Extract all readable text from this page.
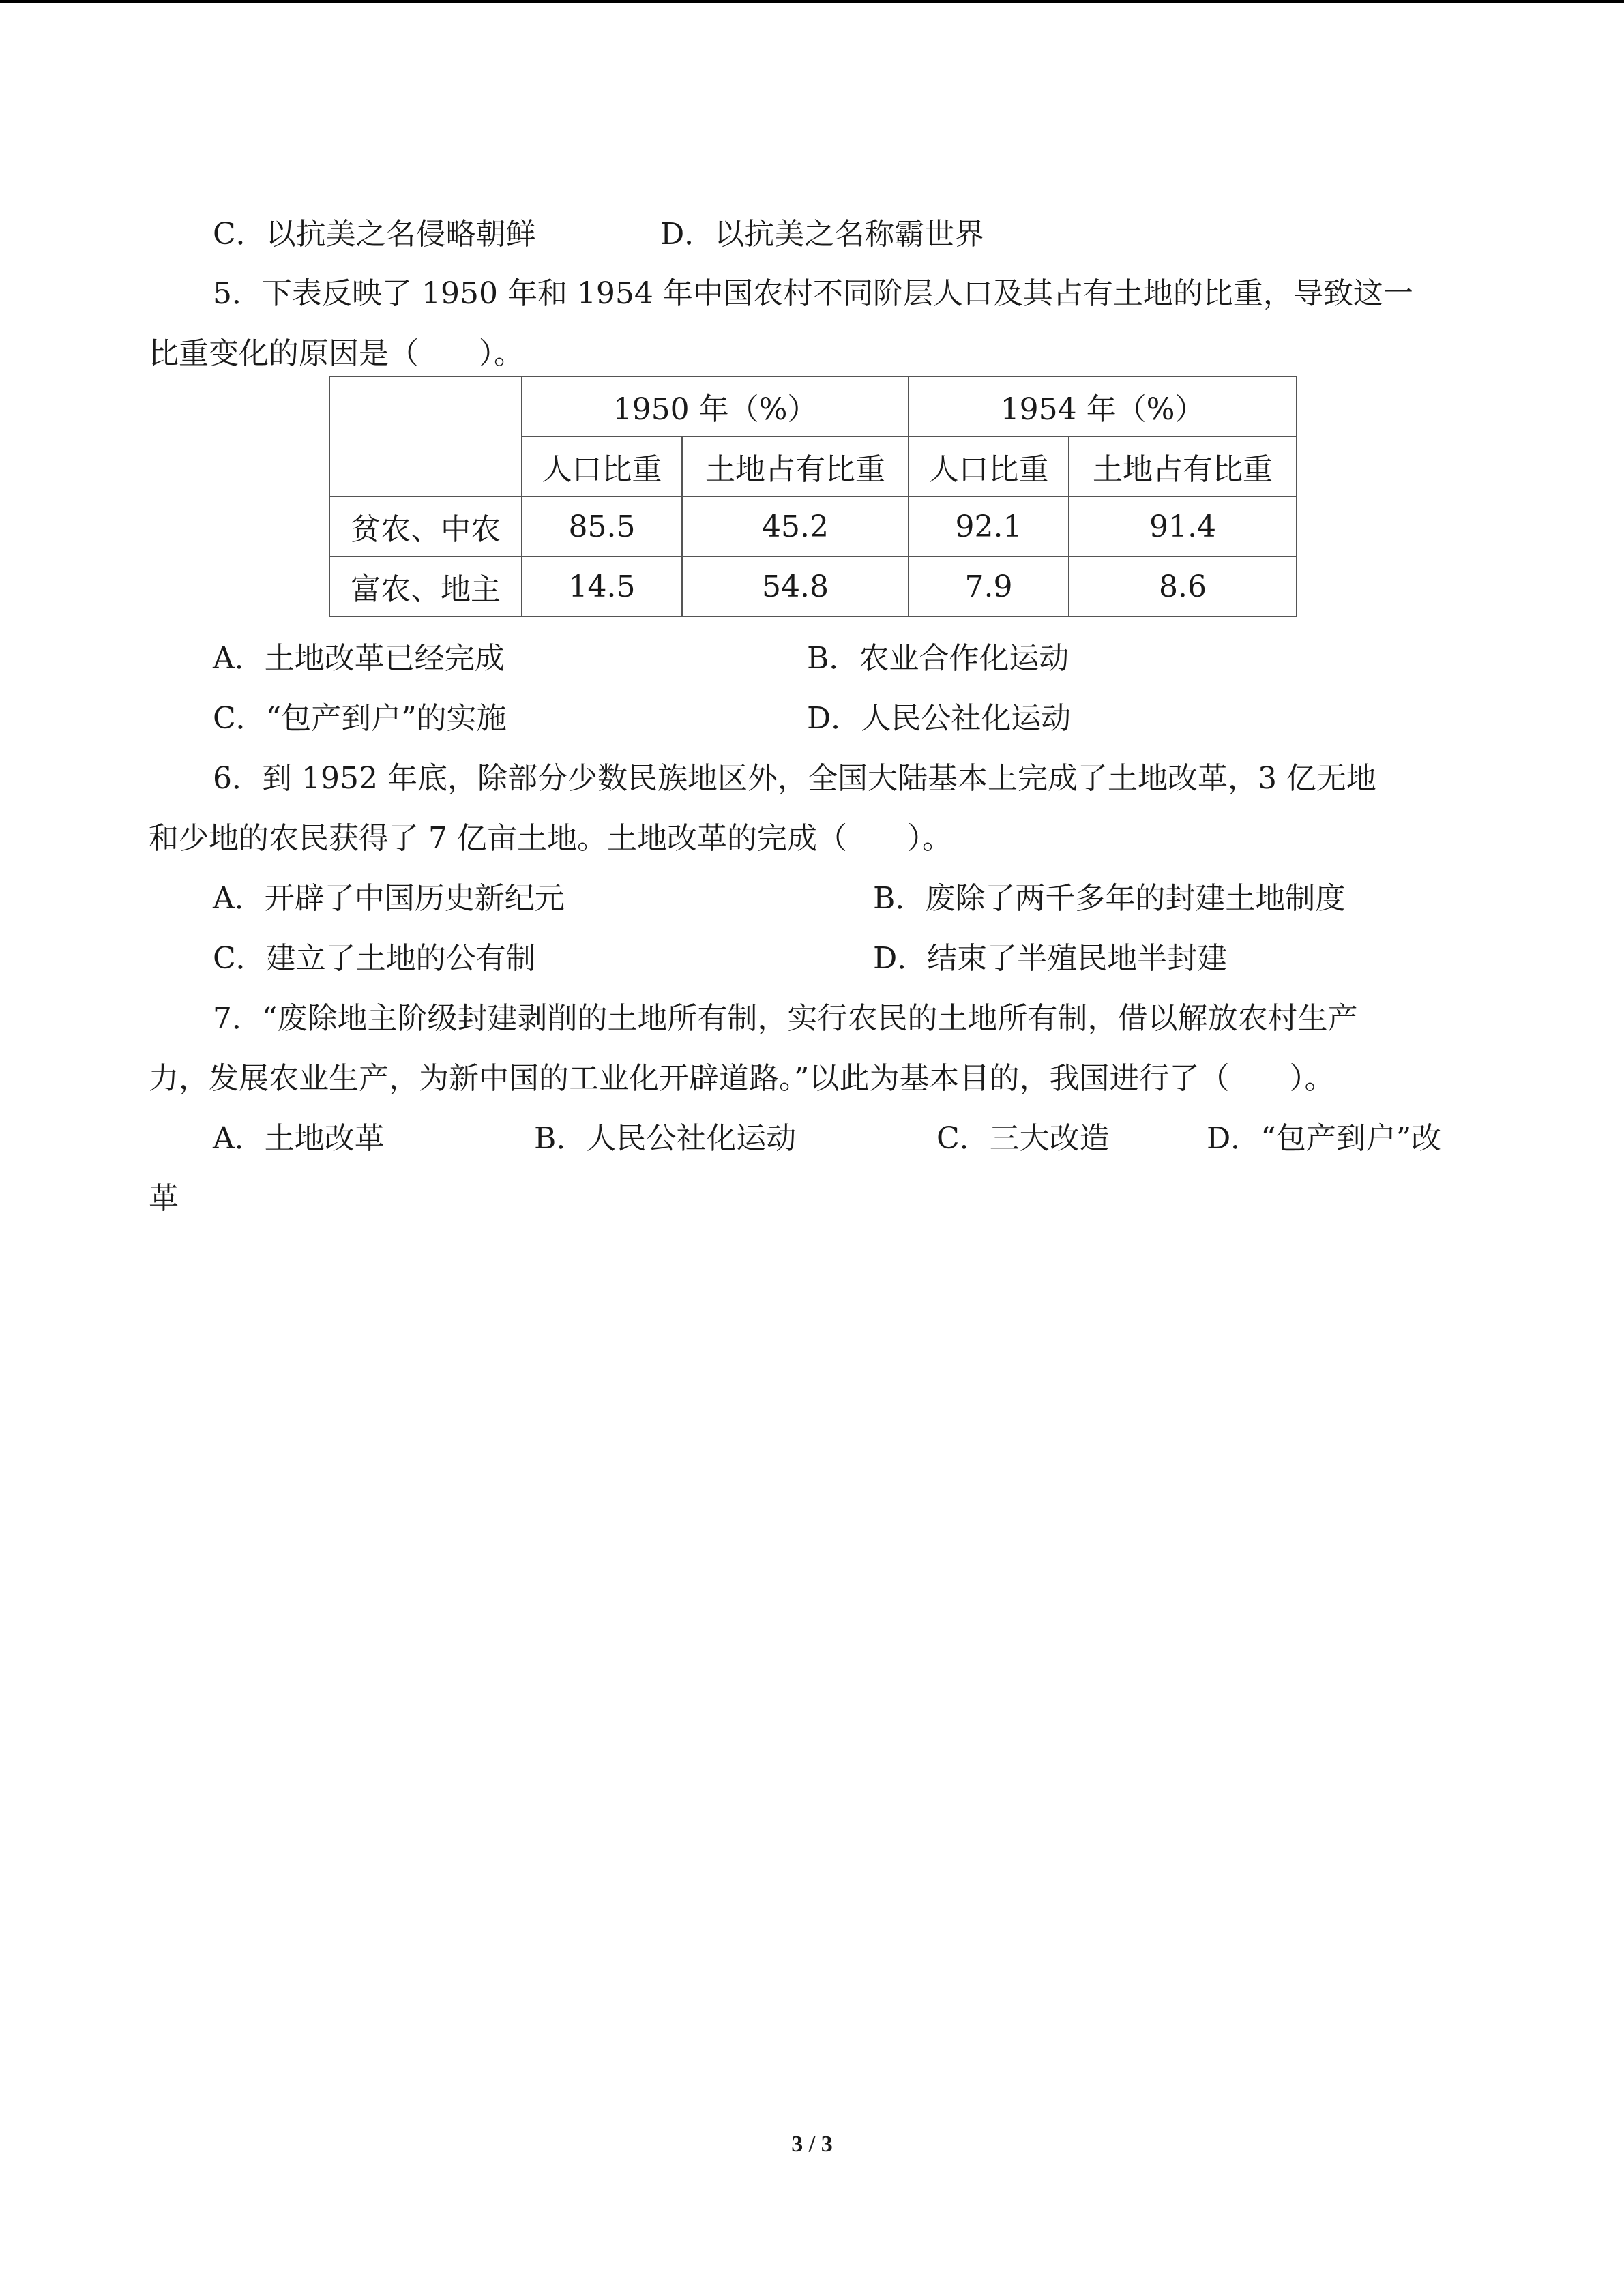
C．以抗美之名侵略朝鲜	D．以抗美之名称霸世界
5．下表反映了 1950 年和 1954 年中国农村不同阶层人口及其占有土地的比重，导致这一
比重变化的原因是（　　）。
	1950 年（%）		1954 年（%）	
	人口比重	土地占有比重	人口比重	土地占有比重
贫农、中农	85.5	45.2	92.1	91.4
富农、地主	14.5	54.8	7.9	8.6
A．土地改革已经完成	B．农业合作化运动
C．“包产到户”的实施	D．人民公社化运动
6．到 1952 年底，除部分少数民族地区外，全国大陆基本上完成了土地改革，3 亿无地
和少地的农民获得了 7 亿亩土地。土地改革的完成（　　）。
A．开辟了中国历史新纪元	B．废除了两千多年的封建土地制度
C．建立了土地的公有制	D．结束了半殖民地半封建
7．“废除地主阶级封建剥削的土地所有制，实行农民的土地所有制，借以解放农村生产
力，发展农业生产，为新中国的工业化开辟道路。”以此为基本目的，我国进行了（　　）。
A．土地改革	B．人民公社化运动	C．三大改造	D．“包产到户”改
革
3 / 3
